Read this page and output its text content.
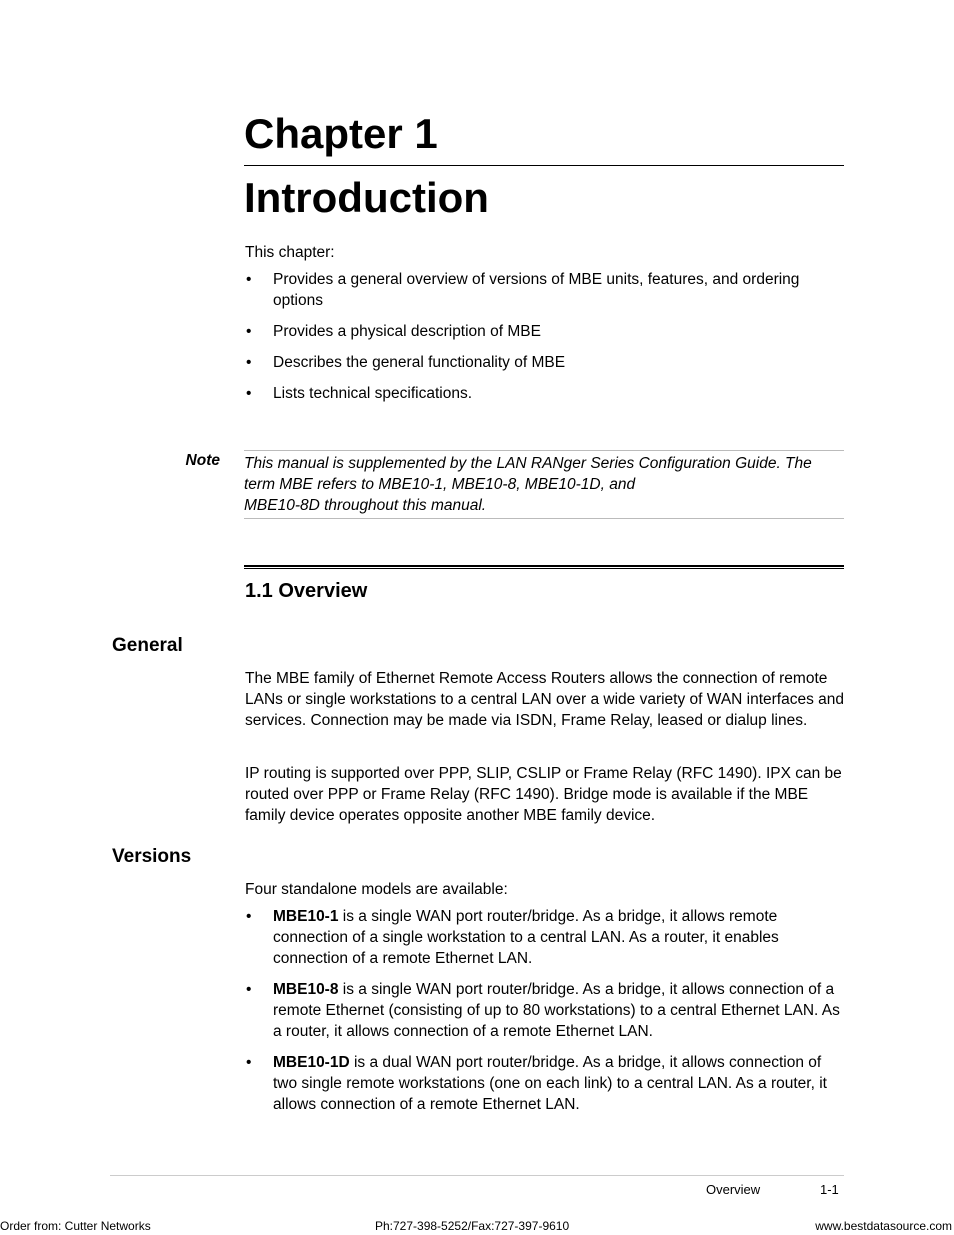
Chapter 1
Introduction
This chapter:
• Provides a general overview of versions of MBE units, features, and ordering options
• Provides a physical description of MBE
• Describes the general functionality of MBE
• Lists technical specifications.
Note This manual is supplemented by the LAN RANger Series Configuration Guide. The
term MBE refers to MBE10-1, MBE10-8, MBE10-1D, and
MBE10-8D throughout this manual.
1.1 Overview
General
The MBE family of Ethernet Remote Access Routers allows the connection of remote LANs or single workstations to a central LAN over a wide variety of WAN interfaces and services. Connection may be made via ISDN, Frame Relay, leased or dialup lines.
IP routing is supported over PPP, SLIP, CSLIP or Frame Relay (RFC 1490). IPX can be routed over PPP or Frame Relay (RFC 1490). Bridge mode is available if the MBE family device operates opposite another MBE family device.
Versions
Four standalone models are available:
• MBE10-1 is a single WAN port router/bridge. As a bridge, it allows remote connection of a single workstation to a central LAN. As a router, it enables connection of a remote Ethernet LAN.
• MBE10-8 is a single WAN port router/bridge. As a bridge, it allows connection of a remote Ethernet (consisting of up to 80 workstations) to a central Ethernet LAN. As a router, it allows connection of a remote Ethernet LAN.
• MBE10-1D is a dual WAN port router/bridge. As a bridge, it allows connection of two single remote workstations (one on each link) to a central LAN. As a router, it allows connection of a remote Ethernet LAN.
Overview	1-1
Order from: Cutter Networks	Ph:727-398-5252/Fax:727-397-9610	www.bestdatasource.com
